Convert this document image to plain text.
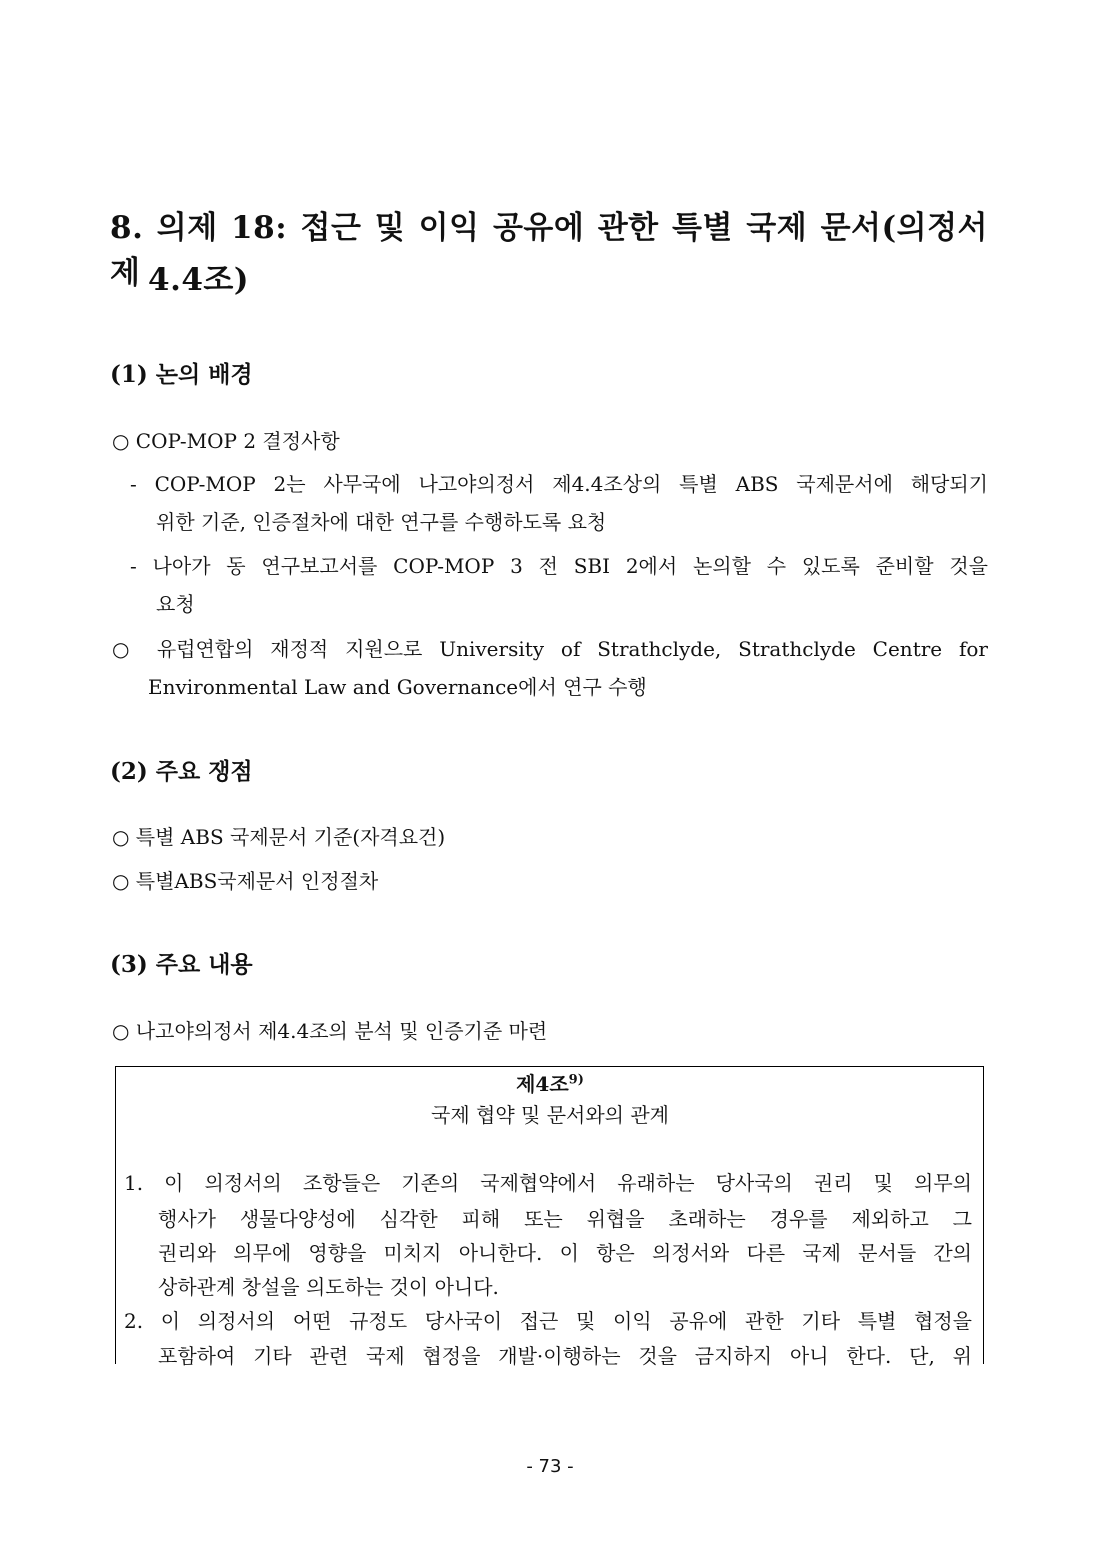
8. 의제 18: 접근 및 이익 공유에 관한 특별 국제 문서(의정서 제 4.4조)
(1) 논의 배경
○ COP-MOP 2 결정사항
- COP-MOP 2는 사무국에 나고야의정서 제4.4조상의 특별 ABS 국제문서에 해당되기
위한 기준, 인증절차에 대한 연구를 수행하도록 요청
- 나아가 동 연구보고서를 COP-MOP 3 전 SBI 2에서 논의할 수 있도록 준비할 것을
요청
○ 유럽연합의 재정적 지원으로 University of Strathclyde, Strathclyde Centre for
Environmental Law and Governance에서 연구 수행
(2) 주요 쟁점
○ 특별 ABS 국제문서 기준(자격요건)
○ 특별ABS국제문서 인정절차
(3) 주요 내용
○ 나고야의정서 제4.4조의 분석 및 인증기준 마련
제4조$^{9)}$
국제 협약 및 문서와의 관계
1. 이 의정서의 조항들은 기존의 국제협약에서 유래하는 당사국의 권리 및 의무의
행사가 생물다양성에 심각한 피해 또는 위협을 초래하는 경우를 제외하고 그
권리와 의무에 영향을 미치지 아니한다. 이 항은 의정서와 다른 국제 문서들 간의
상하관계 창설을 의도하는 것이 아니다.
2. 이 의정서의 어떤 규정도 당사국이 접근 및 이익 공유에 관한 기타 특별 협정을
포함하여 기타 관련 국제 협정을 개발·이행하는 것을 금지하지 아니 한다. 단, 위
- 73 -
